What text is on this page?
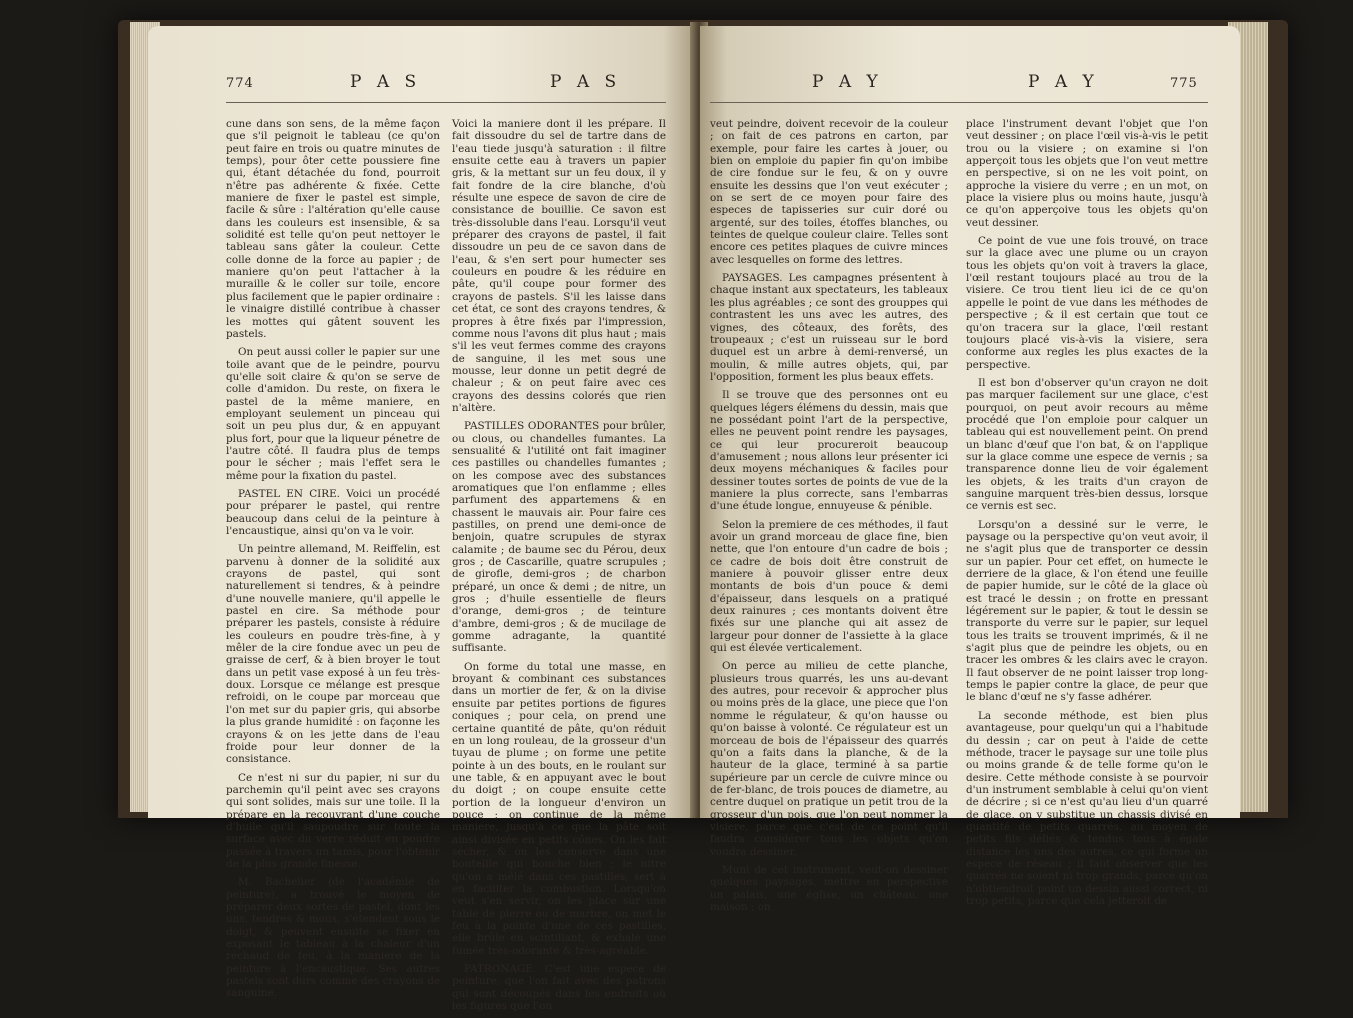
774	P A S	P A S

cune dans son sens, de la même façon que s'il peignoit le tableau (ce qu'on peut faire en trois ou quatre minutes de temps), pour ôter cette poussiere fine qui, étant détachée du fond, pourroit n'être pas adhérente & fixée. Cette maniere de fixer le pastel est simple, facile & sûre : l'altération qu'elle cause dans les couleurs est insensible, & sa solidité est telle qu'on peut nettoyer le tableau sans gâter la couleur. Cette colle donne de la force au papier ; de maniere qu'on peut l'attacher à la muraille & le coller sur toile, encore plus facilement que le papier ordinaire : le vinaigre distillé contribue à chasser les mottes qui gâtent souvent les pastels.

On peut aussi coller le papier sur une toile avant que de le peindre, pourvu qu'elle soit claire & qu'on se serve de colle d'amidon. Du reste, on fixera le pastel de la même maniere, en employant seulement un pinceau qui soit un peu plus dur, & en appuyant plus fort, pour que la liqueur pénetre de l'autre côté. Il faudra plus de temps pour le sécher ; mais l'effet sera le même pour la fixation du pastel.

PASTEL EN CIRE. Voici un procédé pour préparer le pastel, qui rentre beaucoup dans celui de la peinture à l'encaustique, ainsi qu'on va le voir.

Un peintre allemand, M. Reiffelin, est parvenu à donner de la solidité aux crayons de pastel, qui sont naturellement si tendres, & à peindre d'une nouvelle maniere, qu'il appelle le pastel en cire. Sa méthode pour préparer les pastels, consiste à réduire les couleurs en poudre très-fine, à y mêler de la cire fondue avec un peu de graisse de cerf, & à bien broyer le tout dans un petit vase exposé à un feu très-doux. Lorsque ce mélange est presque refroidi, on le coupe par morceau que l'on met sur du papier gris, qui absorbe la plus grande humidité : on façonne les crayons & on les jette dans de l'eau froide pour leur donner de la consistance.

Ce n'est ni sur du papier, ni sur du parchemin qu'il peint avec ses crayons qui sont solides, mais sur une toile. Il la prépare en la recouvrant d'une couche d'huile qu'il saupoudre sur toute la surface avec du verre réduit en poudre passée à travers un tamis, pour l'obtenir de la plus grande finesse.

M. Bachelier (de l'académie de peinture), a trouvé le moyen de préparer deux sortes de pastel, dont les uns, tendres & mous, s'étendent sous le doigt, & peuvent ensuite se fixer en exposant le tableau à la chaleur d'un réchaud de feu, à la maniere de la peinture à l'encaustique. Ses autres pastels sont durs comme des crayons de sanguine.

Voici la maniere dont il les prépare. Il fait dissoudre du sel de tartre dans de l'eau tiede jusqu'à saturation : il filtre ensuite cette eau à travers un papier gris, & la mettant sur un feu doux, il y fait fondre de la cire blanche, d'où résulte une espece de savon de cire de consistance de bouillie. Ce savon est très-dissoluble dans l'eau. Lorsqu'il veut préparer des crayons de pastel, il fait dissoudre un peu de ce savon dans de l'eau, & s'en sert pour humecter ses couleurs en poudre & les réduire en pâte, qu'il coupe pour former des crayons de pastels. S'il les laisse dans cet état, ce sont des crayons tendres, & propres à être fixés par l'impression, comme nous l'avons dit plus haut ; mais s'il les veut fermes comme des crayons de sanguine, il les met sous une mousse, leur donne un petit degré de chaleur ; & on peut faire avec ces crayons des dessins colorés que rien n'altère.

PASTILLES ODORANTES pour brûler, ou clous, ou chandelles fumantes. La sensualité & l'utilité ont fait imaginer ces pastilles ou chandelles fumantes ; on les compose avec des substances aromatiques que l'on enflamme ; elles parfument des appartemens & en chassent le mauvais air. Pour faire ces pastilles, on prend une demi-once de benjoin, quatre scrupules de styrax calamite ; de baume sec du Pérou, deux gros ; de Cascarille, quatre scrupules ; de girofle, demi-gros ; de charbon préparé, un once & demi ; de nitre, un gros ; d'huile essentielle de fleurs d'orange, demi-gros ; de teinture d'ambre, demi-gros ; & de mucilage de gomme adragante, la quantité suffisante.

On forme du total une masse, en broyant & combinant ces substances dans un mortier de fer, & on la divise ensuite par petites portions de figures coniques ; pour cela, on prend une certaine quantité de pâte, qu'on réduit en un long rouleau, de la grosseur d'un tuyau de plume ; on forme une petite pointe à un des bouts, en le roulant sur une table, & en appuyant avec le bout du doigt ; on coupe ensuite cette portion de la longueur d'environ un pouce ; on continue de la même maniere, jusqu'à ce que la pâte soit ainsi divisée en petits cônes. On les fait sécher, & on les conserve dans une bouteille qui bouche bien ; le nitre qu'on a mêlé dans ces pastilles, sert à en faciliter la combustion. Lorsqu'on veut s'en servir, on les place sur une table de pierre ou de marbre, on met le feu à la pointe d'une de ces pastilles, elle brûle en scintillant, & exhale une fumée très-odorante & très-agréable.

PATRONAGE. C'est une espece de peinture, que l'on fait avec des patrons qui sont découpés dans les endroits où les figures que l'on

P A Y	P A Y	775

veut peindre, doivent recevoir de la couleur ; on fait de ces patrons en carton, par exemple, pour faire les cartes à jouer, ou bien on emploie du papier fin qu'on imbibe de cire fondue sur le feu, & on y ouvre ensuite les dessins que l'on veut exécuter ; on se sert de ce moyen pour faire des especes de tapisseries sur cuir doré ou argenté, sur des toiles, étoffes blanches, ou teintes de quelque couleur claire. Telles sont encore ces petites plaques de cuivre minces avec lesquelles on forme des lettres.

PAYSAGES. Les campagnes présentent à chaque instant aux spectateurs, les tableaux les plus agréables ; ce sont des grouppes qui contrastent les uns avec les autres, des vignes, des côteaux, des forêts, des troupeaux ; c'est un ruisseau sur le bord duquel est un arbre à demi-renversé, un moulin, & mille autres objets, qui, par l'opposition, forment les plus beaux effets.

Il se trouve que des personnes ont eu quelques légers élémens du dessin, mais que ne possédant point l'art de la perspective, elles ne peuvent point rendre les paysages, ce qui leur procureroit beaucoup d'amusement ; nous allons leur présenter ici deux moyens méchaniques & faciles pour dessiner toutes sortes de points de vue de la maniere la plus correcte, sans l'embarras d'une étude longue, ennuyeuse & pénible.

Selon la premiere de ces méthodes, il faut avoir un grand morceau de glace fine, bien nette, que l'on entoure d'un cadre de bois ; ce cadre de bois doit être construit de maniere à pouvoir glisser entre deux montants de bois d'un pouce & demi d'épaisseur, dans lesquels on a pratiqué deux rainures ; ces montants doivent être fixés sur une planche qui ait assez de largeur pour donner de l'assiette à la glace qui est élevée verticalement.

On perce au milieu de cette planche, plusieurs trous quarrés, les uns au-devant des autres, pour recevoir & approcher plus ou moins près de la glace, une piece que l'on nomme le régulateur, & qu'on hausse ou qu'on baisse à volonté. Ce régulateur est un morceau de bois de l'épaisseur des quarrés qu'on a faits dans la planche, & de la hauteur de la glace, terminé à sa partie supérieure par un cercle de cuivre mince ou de fer-blanc, de trois pouces de diametre, au centre duquel on pratique un petit trou de la grosseur d'un pois, que l'on peut nommer la visiere, parce que c'est de ce point qu'il faudra considérer tous les objets qu'on voudra dessiner.

Muni de cet instrument, veut-on dessiner quelques paysages, mettre en perspective un palais, une église, un château, une maison ; on

place l'instrument devant l'objet que l'on veut dessiner ; on place l'œil vis-à-vis le petit trou ou la visiere ; on examine si l'on apperçoit tous les objets que l'on veut mettre en perspective, si on ne les voit point, on approche la visiere du verre ; en un mot, on place la visiere plus ou moins haute, jusqu'à ce qu'on apperçoive tous les objets qu'on veut dessiner.

Ce point de vue une fois trouvé, on trace sur la glace avec une plume ou un crayon tous les objets qu'on voit à travers la glace, l'œil restant toujours placé au trou de la visiere. Ce trou tient lieu ici de ce qu'on appelle le point de vue dans les méthodes de perspective ; & il est certain que tout ce qu'on tracera sur la glace, l'œil restant toujours placé vis-à-vis la visiere, sera conforme aux regles les plus exactes de la perspective.

Il est bon d'observer qu'un crayon ne doit pas marquer facilement sur une glace, c'est pourquoi, on peut avoir recours au même procédé que l'on emploie pour calquer un tableau qui est nouvellement peint. On prend un blanc d'œuf que l'on bat, & on l'applique sur la glace comme une espece de vernis ; sa transparence donne lieu de voir également les objets, & les traits d'un crayon de sanguine marquent très-bien dessus, lorsque ce vernis est sec.

Lorsqu'on a dessiné sur le verre, le paysage ou la perspective qu'on veut avoir, il ne s'agit plus que de transporter ce dessin sur un papier. Pour cet effet, on humecte le derriere de la glace, & l'on étend une feuille de papier humide, sur le côté de la glace où est tracé le dessin ; on frotte en pressant légérement sur le papier, & tout le dessin se transporte du verre sur le papier, sur lequel tous les traits se trouvent imprimés, & il ne s'agit plus que de peindre les objets, ou en tracer les ombres & les clairs avec le crayon. Il faut observer de ne point laisser trop long-temps le papier contre la glace, de peur que le blanc d'œuf ne s'y fasse adhérer.

La seconde méthode, est bien plus avantageuse, pour quelqu'un qui a l'habitude du dessin ; car on peut à l'aide de cette méthode, tracer le paysage sur une toile plus ou moins grande & de telle forme qu'on le desire. Cette méthode consiste à se pourvoir d'un instrument semblable à celui qu'on vient de décrire ; si ce n'est qu'au lieu d'un quarré de glace, on y substitue un chassis divisé en quantité de petits quarrés, au moyen de petits fils déliés & tendus tous à égale distance les uns des autres, ce qui forme un espece de réseau ; il faut observer que les quarrés ne soient ni trop grands, parce qu'on n'obtiendroit point un dessin aussi correct, ni trop petits, parce que cela jetteroit de
